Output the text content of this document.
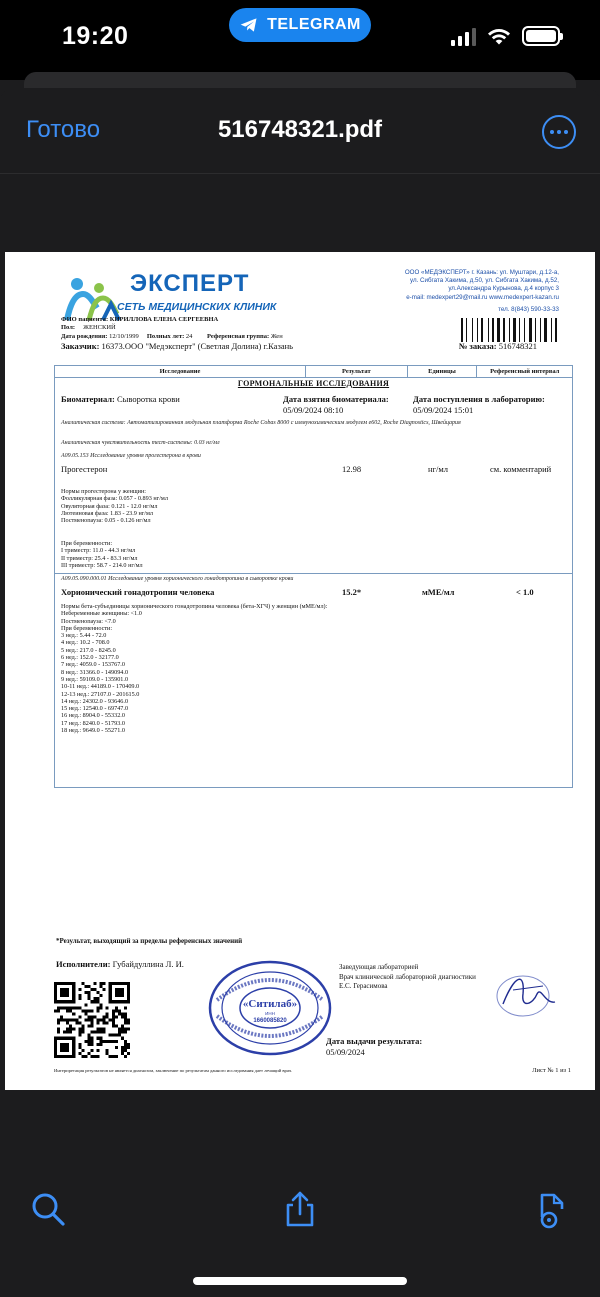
19:20	TELEGRAM
Готово	516748321.pdf
ЭКСПЕРТ
СЕТЬ МЕДИЦИНСКИХ КЛИНИК
ООО «МЕДЭКСПЕРТ» г. Казань: ул. Муштари, д.12-а,
ул. Сибгата Хакима, д.50, ул. Сибгата Хакима, д.52,
ул.Александра Курынова, д.4 корпус 3
e-mail: medexpert29@mail.ru www.medexpert-kazan.ru
тел. 8(843) 590-33-33
ФИО пациента: КИРИЛЛОВА ЕЛЕНА СЕРГЕЕВНА
Пол: ЖЕНСКИЙ
Дата рождения: 12/10/1999 Полных лет: 24 Референсная группа: Жен
Заказчик: 16373.ООО "Медэксперт" (Светлая Долина) г.Казань	№ заказа: 516748321
Исследование	Результат	Единицы	Референсный интервал
ГОРМОНАЛЬНЫЕ ИССЛЕДОВАНИЯ
Биоматериал: Сыворотка крови	Дата взятия биоматериала:
05/09/2024 08:10
Дата поступления в лабораторию:
05/09/2024 15:01
Аналитическая система: Автоматизированная модульная платформа Roche Cobas 8000 с иммунохимическим модулем е602, Roche Diagnostics, Швейцария
Аналитическая чувствительность тест-системы: 0.03 нг/мл
А09.05.153 Исследование уровня прогестерона в крови
Прогестерон	12.98	нг/мл	см. комментарий
Нормы прогестерона у женщин:
Фолликулярная фаза: 0.057 - 0.893 нг/мл
Овуляторная фаза: 0.121 - 12.0 нг/мл
Лютеиновая фаза: 1.83 - 23.9 нг/мл
Постменопауза: 0.05 - 0.126 нг/мл
При беременности:
I триместр: 11.0 - 44.3 нг/мл
II триместр: 25.4 - 83.3 нг/мл
III триместр: 58.7 - 214.0 нг/мл
А09.05.090.000.01 Исследование уровня хорионического гонадотропина в сыворотке крови
Хорионический гонадотропин человека	15.2*	мМЕ/мл	< 1.0
Нормы бета-субъединицы хорионического гонадотропина человека (бета-ХГЧ) у женщин (мМЕ/мл):
Небеременные женщины: <1.0
Постменопауза: <7.0
При беременности:
3 нед.: 5.44 - 72.0
4 нед.: 10.2 - 708.0
5 нед.: 217.0 - 8245.0
6 нед.: 152.0 - 32177.0
7 нед.: 4059.0 - 153767.0
8 нед.: 31366.0 - 149094.0
9 нед.: 59109.0 - 135901.0
10-11 нед.: 44189.0 - 170409.0
12-13 нед.: 27107.0 - 201615.0
14 нед.: 24302.0 - 93646.0
15 нед.: 12540.0 - 69747.0
16 нед.: 8904.0 - 55332.0
17 нед.: 8240.0 - 51793.0
18 нед.: 9649.0 - 55271.0
*Результат, выходящий за пределы референсных значений
Исполнители: Губайдуллина Л. И.
«Ситилаб»
ИНН
1660085820
Заведующая лабораторией
Врач клинической лабораторной диагностики
Е.С. Герасимова
Дата выдачи результата:
05/09/2024
Интерпретация результатов не является диагнозом, заключение по результатам данного исследования дает лечащий врач.	Лист № 1 из 1
